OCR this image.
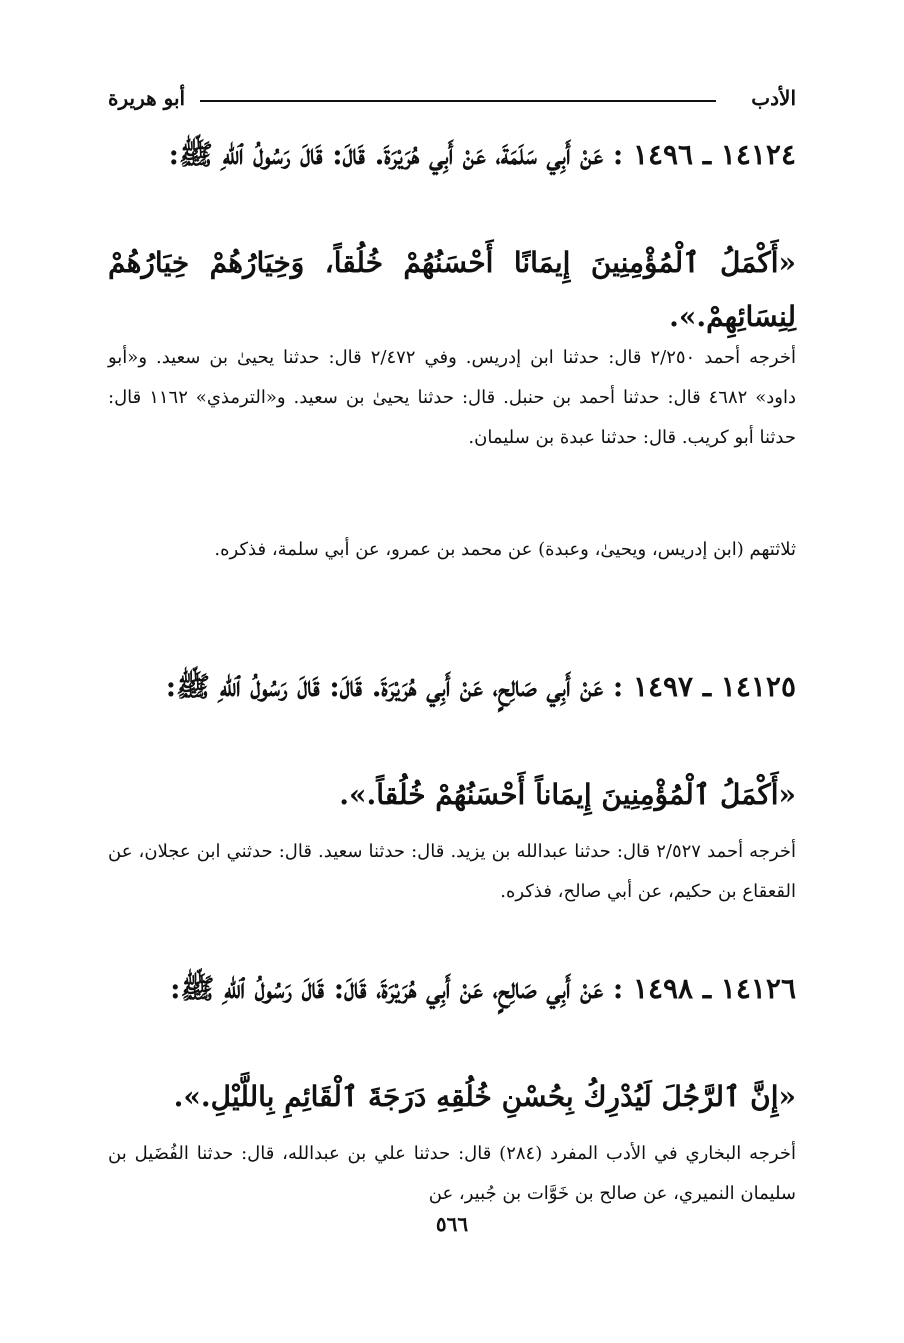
الأدب
أبو هريرة
١٤١٢٤ ـ ١٤٩٦ : عَنْ أَبِي سَلَمَةَ، عَنْ أَبِي هُرَيْرَةَ. قَالَ: قَالَ رَسُولُ ٱللهِ ﷺ:
«أَكْمَلُ ٱلْمُؤْمِنِينَ إِيمَانًا أَحْسَنُهُمْ خُلُقاً، وَخِيَارُهُمْ خِيَارُهُمْ لِنِسَائِهِمْ.».
أخرجه أحمد ٢/٢٥٠ قال: حدثنا ابن إدريس. وفي ٢/٤٧٢ قال: حدثنا يحيىٰ بن سعيد. و«أبو داود» ٤٦٨٢ قال: حدثنا أحمد بن حنبل. قال: حدثنا يحيىٰ بن سعيد. و«الترمذي» ١١٦٢ قال: حدثنا أبو كريب. قال: حدثنا عبدة بن سليمان.
ثلاثتهم (ابن إدريس، ويحيىٰ، وعبدة) عن محمد بن عمرو، عن أبي سلمة، فذكره.
١٤١٢٥ ـ ١٤٩٧ : عَنْ أَبِي صَالِحٍ، عَنْ أَبِي هُرَيْرَةَ. قَالَ: قَالَ رَسُولُ ٱللهِ ﷺ:
«أَكْمَلُ ٱلْمُؤْمِنِينَ إِيمَاناً أَحْسَنُهُمْ خُلُقاً.».
أخرجه أحمد ٢/٥٢٧ قال: حدثنا عبدالله بن يزيد. قال: حدثنا سعيد. قال: حدثني ابن عجلان، عن القعقاع بن حكيم، عن أبي صالح، فذكره.
١٤١٢٦ ـ ١٤٩٨ : عَنْ أَبِي صَالِحٍ، عَنْ أَبِي هُرَيْرَةَ، قَالَ: قَالَ رَسُولُ ٱللهِ ﷺ:
«إِنَّ ٱلرَّجُلَ لَيُدْرِكُ بِحُسْنِ خُلُقِهِ دَرَجَةَ ٱلْقَائِمِ بِاللَّيْلِ.».
أخرجه البخاري في الأدب المفرد (٢٨٤) قال: حدثنا علي بن عبدالله، قال: حدثنا الفُضَيل بن سليمان النميري، عن صالح بن خَوَّات بن جُبير، عن
٥٦٦
